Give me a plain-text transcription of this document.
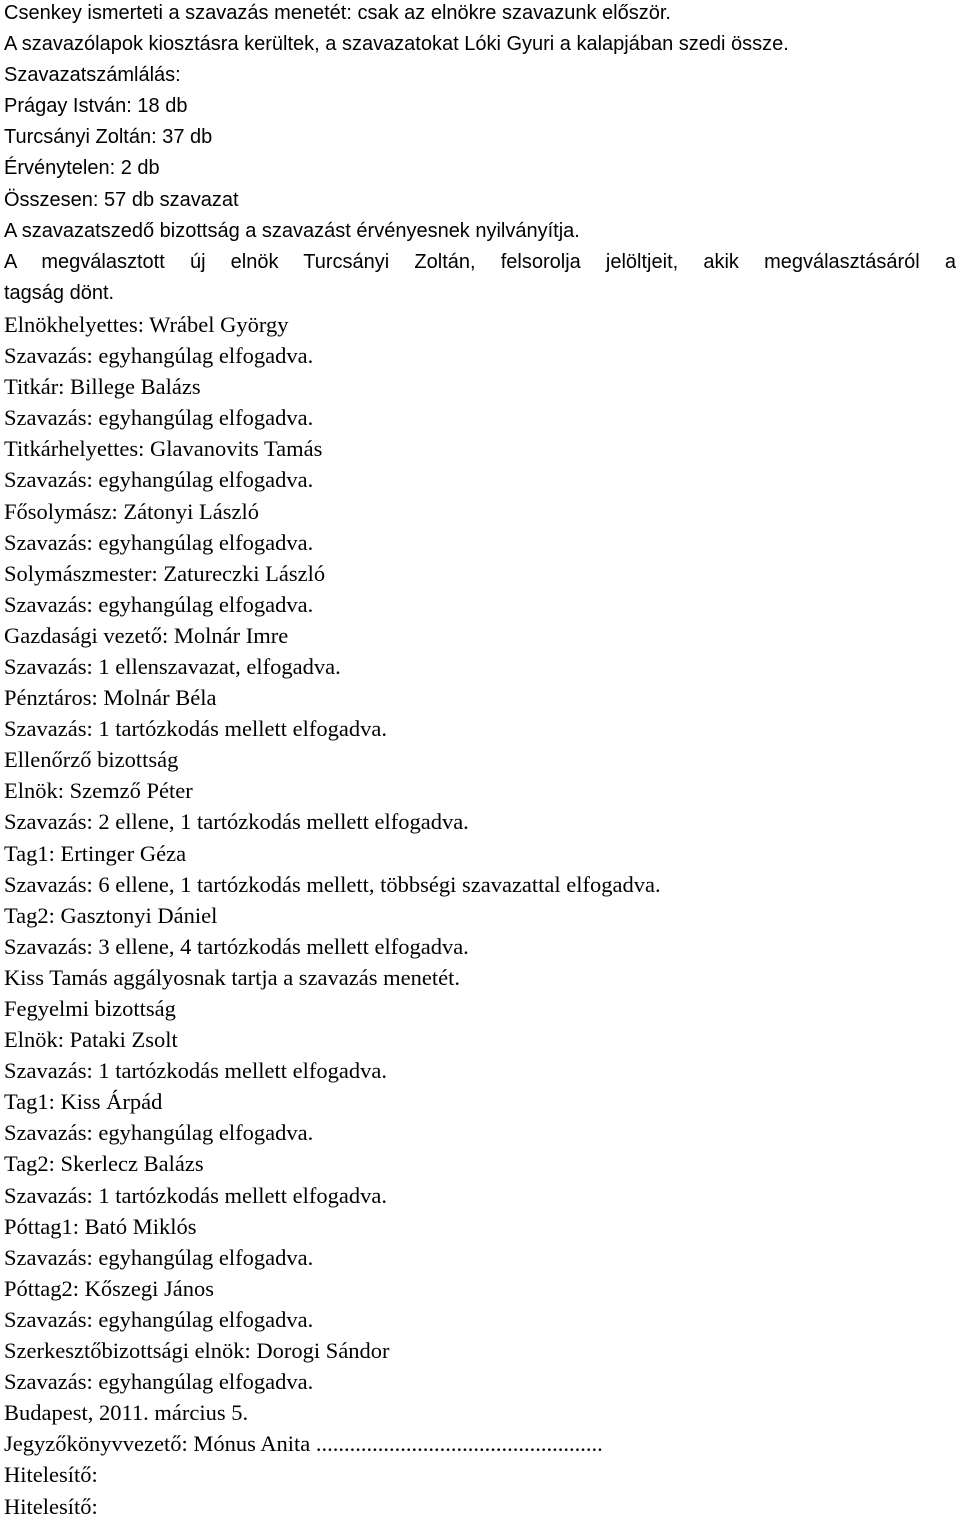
Csenkey ismerteti a szavazás menetét: csak az elnökre szavazunk először.
A szavazólapok kiosztásra kerültek, a szavazatokat Lóki Gyuri a kalapjában szedi össze.
Szavazatszámlálás:
Prágay István: 18 db
Turcsányi Zoltán: 37 db
Érvénytelen: 2 db
Összesen: 57 db szavazat
A szavazatszedő bizottság a szavazást érvényesnek nyilványítja.
A megválasztott új elnök Turcsányi Zoltán, felsorolja jelöltjeit, akik megválasztásáról a
tagság dönt.
Elnökhelyettes: Wrábel György
Szavazás: egyhangúlag elfogadva.
Titkár: Billege Balázs
Szavazás: egyhangúlag elfogadva.
Titkárhelyettes: Glavanovits Tamás
Szavazás: egyhangúlag elfogadva.
Fősolymász: Zátonyi László
Szavazás: egyhangúlag elfogadva.
Solymászmester: Zatureczki László
Szavazás: egyhangúlag elfogadva.
Gazdasági vezető: Molnár Imre
Szavazás: 1 ellenszavazat, elfogadva.
Pénztáros: Molnár Béla
Szavazás: 1 tartózkodás mellett elfogadva.
Ellenőrző bizottság
Elnök: Szemző Péter
Szavazás: 2 ellene, 1 tartózkodás mellett elfogadva.
Tag1: Ertinger Géza
Szavazás: 6 ellene, 1 tartózkodás mellett, többségi szavazattal elfogadva.
Tag2: Gasztonyi Dániel
Szavazás: 3 ellene, 4 tartózkodás mellett elfogadva.
Kiss Tamás aggályosnak tartja a szavazás menetét.
Fegyelmi bizottság
Elnök: Pataki Zsolt
Szavazás: 1 tartózkodás mellett elfogadva.
Tag1: Kiss Árpád
Szavazás: egyhangúlag elfogadva.
Tag2: Skerlecz Balázs
Szavazás: 1 tartózkodás mellett elfogadva.
Póttag1: Bató Miklós
Szavazás: egyhangúlag elfogadva.
Póttag2: Kőszegi János
Szavazás: egyhangúlag elfogadva.
Szerkesztőbizottsági elnök: Dorogi Sándor
Szavazás: egyhangúlag elfogadva.
Budapest, 2011. március 5.
Jegyzőkönyvvezető: Mónus Anita ...................................................
Hitelesítő:
Hitelesítő:
